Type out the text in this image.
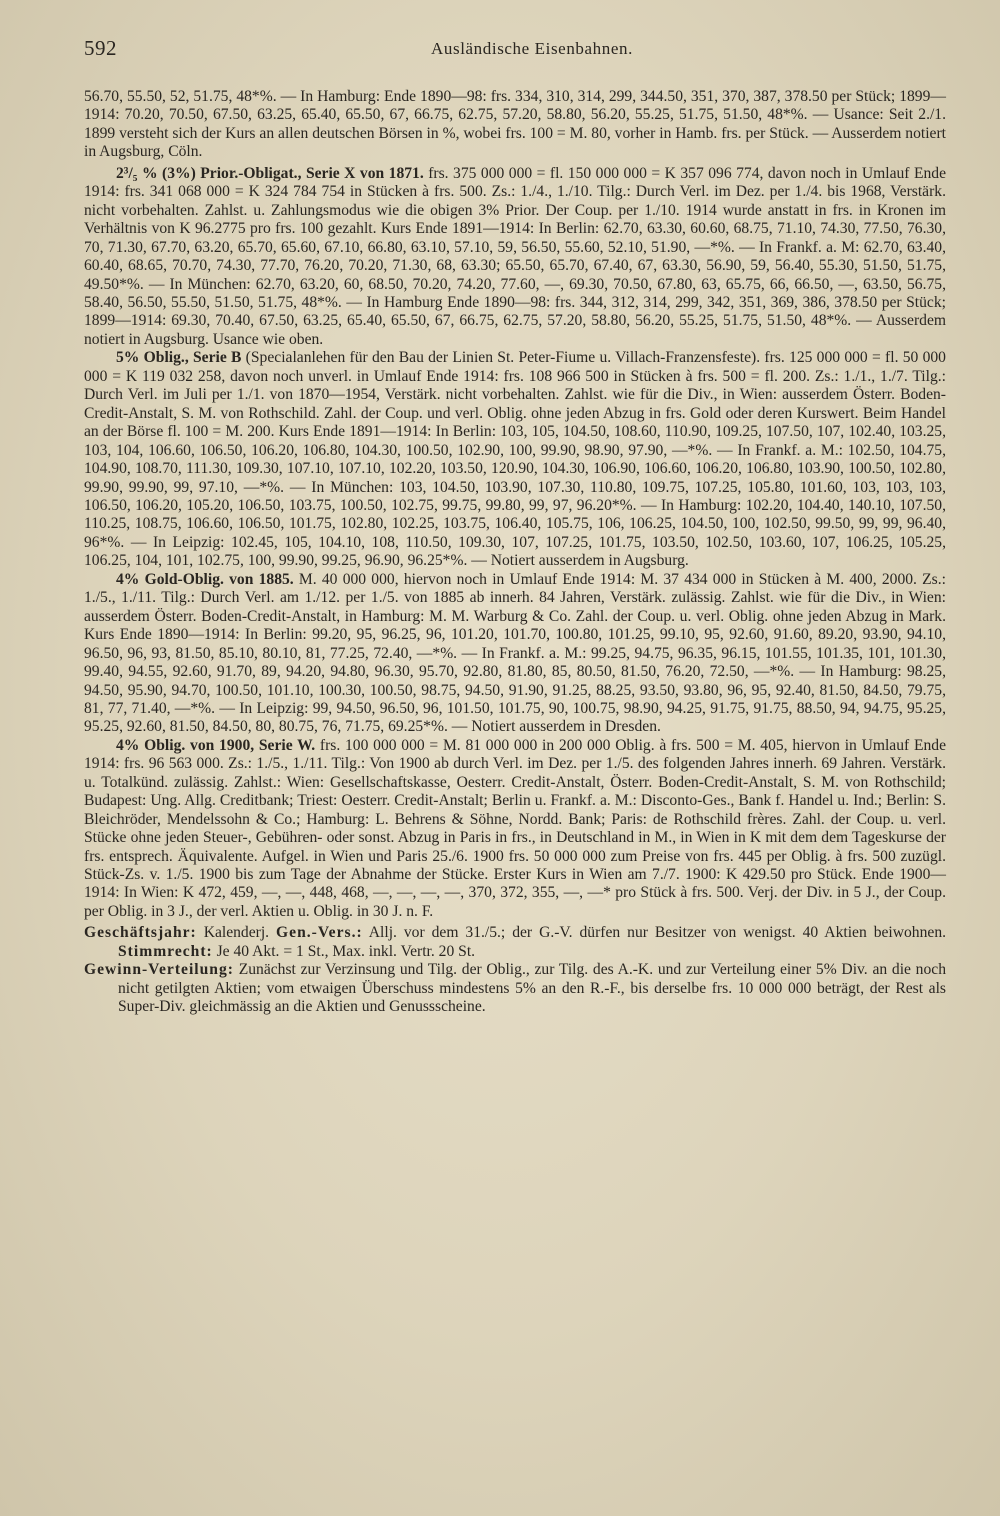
592	Ausländische Eisenbahnen.

56.70, 55.50, 52, 51.75, 48*%. — In Hamburg: Ende 1890—98: frs. 334, 310, 314, 299, 344.50, 351, 370, 387, 378.50 per Stück; 1899—1914: 70.20, 70.50, 67.50, 63.25, 65.40, 65.50, 67, 66.75, 62.75, 57.20, 58.80, 56.20, 55.25, 51.75, 51.50, 48*%. — Usance: Seit 2./1. 1899 versteht sich der Kurs an allen deutschen Börsen in %, wobei frs. 100 = M. 80, vorher in Hamb. frs. per Stück. — Ausserdem notiert in Augsburg, Cöln.

2³/₅ % (3%) Prior.-Obligat., Serie X von 1871. frs. 375 000 000 = fl. 150 000 000 = K 357 096 774, davon noch in Umlauf Ende 1914: frs. 341 068 000 = K 324 784 754 in Stücken à frs. 500. Zs.: 1./4., 1./10. Tilg.: Durch Verl. im Dez. per 1./4. bis 1968, Verstärk. nicht vorbehalten. Zahlst. u. Zahlungsmodus wie die obigen 3% Prior. Der Coup. per 1./10. 1914 wurde anstatt in frs. in Kronen im Verhältnis von K 96.2775 pro frs. 100 gezahlt. Kurs Ende 1891—1914: In Berlin: 62.70, 63.30, 60.60, 68.75, 71.10, 74.30, 77.50, 76.30, 70, 71.30, 67.70, 63.20, 65.70, 65.60, 67.10, 66.80, 63.10, 57.10, 59, 56.50, 55.60, 52.10, 51.90, —*%. — In Frankf. a. M: 62.70, 63.40, 60.40, 68.65, 70.70, 74.30, 77.70, 76.20, 70.20, 71.30, 68, 63.30; 65.50, 65.70, 67.40, 67, 63.30, 56.90, 59, 56.40, 55.30, 51.50, 51.75, 49.50*%. — In München: 62.70, 63.20, 60, 68.50, 70.20, 74.20, 77.60, —, 69.30, 70.50, 67.80, 63, 65.75, 66, 66.50, —, 63.50, 56.75, 58.40, 56.50, 55.50, 51.50, 51.75, 48*%. — In Hamburg Ende 1890—98: frs. 344, 312, 314, 299, 342, 351, 369, 386, 378.50 per Stück; 1899—1914: 69.30, 70.40, 67.50, 63.25, 65.40, 65.50, 67, 66.75, 62.75, 57.20, 58.80, 56.20, 55.25, 51.75, 51.50, 48*%. — Ausserdem notiert in Augsburg. Usance wie oben.

5% Oblig., Serie B (Specialanlehen für den Bau der Linien St. Peter-Fiume u. Villach-Franzensfeste). frs. 125 000 000 = fl. 50 000 000 = K 119 032 258, davon noch unverl. in Umlauf Ende 1914: frs. 108 966 500 in Stücken à frs. 500 = fl. 200. Zs.: 1./1., 1./7. Tilg.: Durch Verl. im Juli per 1./1. von 1870—1954, Verstärk. nicht vorbehalten. Zahlst. wie für die Div., in Wien: ausserdem Österr. Boden-Credit-Anstalt, S. M. von Rothschild. Zahl. der Coup. und verl. Oblig. ohne jeden Abzug in frs. Gold oder deren Kurswert. Beim Handel an der Börse fl. 100 = M. 200. Kurs Ende 1891—1914: In Berlin: 103, 105, 104.50, 108.60, 110.90, 109.25, 107.50, 107, 102.40, 103.25, 103, 104, 106.60, 106.50, 106.20, 106.80, 104.30, 100.50, 102.90, 100, 99.90, 98.90, 97.90, —*%. — In Frankf. a. M.: 102.50, 104.75, 104.90, 108.70, 111.30, 109.30, 107.10, 107.10, 102.20, 103.50, 120.90, 104.30, 106.90, 106.60, 106.20, 106.80, 103.90, 100.50, 102.80, 99.90, 99.90, 99, 97.10, —*%. — In München: 103, 104.50, 103.90, 107.30, 110.80, 109.75, 107.25, 105.80, 101.60, 103, 103, 103, 106.50, 106.20, 105.20, 106.50, 103.75, 100.50, 102.75, 99.75, 99.80, 99, 97, 96.20*%. — In Hamburg: 102.20, 104.40, 140.10, 107.50, 110.25, 108.75, 106.60, 106.50, 101.75, 102.80, 102.25, 103.75, 106.40, 105.75, 106, 106.25, 104.50, 100, 102.50, 99.50, 99, 99, 96.40, 96*%. — In Leipzig: 102.45, 105, 104.10, 108, 110.50, 109.30, 107, 107.25, 101.75, 103.50, 102.50, 103.60, 107, 106.25, 105.25, 106.25, 104, 101, 102.75, 100, 99.90, 99.25, 96.90, 96.25*%. — Notiert ausserdem in Augsburg.

4% Gold-Oblig. von 1885. M. 40 000 000, hiervon noch in Umlauf Ende 1914: M. 37 434 000 in Stücken à M. 400, 2000. Zs.: 1./5., 1./11. Tilg.: Durch Verl. am 1./12. per 1./5. von 1885 ab innerh. 84 Jahren, Verstärk. zulässig. Zahlst. wie für die Div., in Wien: ausserdem Österr. Boden-Credit-Anstalt, in Hamburg: M. M. Warburg & Co. Zahl. der Coup. u. verl. Oblig. ohne jeden Abzug in Mark. Kurs Ende 1890—1914: In Berlin: 99.20, 95, 96.25, 96, 101.20, 101.70, 100.80, 101.25, 99.10, 95, 92.60, 91.60, 89.20, 93.90, 94.10, 96.50, 96, 93, 81.50, 85.10, 80.10, 81, 77.25, 72.40, —*%. — In Frankf. a. M.: 99.25, 94.75, 96.35, 96.15, 101.55, 101.35, 101, 101.30, 99.40, 94.55, 92.60, 91.70, 89, 94.20, 94.80, 96.30, 95.70, 92.80, 81.80, 85, 80.50, 81.50, 76.20, 72.50, —*%. — In Hamburg: 98.25, 94.50, 95.90, 94.70, 100.50, 101.10, 100.30, 100.50, 98.75, 94.50, 91.90, 91.25, 88.25, 93.50, 93.80, 96, 95, 92.40, 81.50, 84.50, 79.75, 81, 77, 71.40, —*%. — In Leipzig: 99, 94.50, 96.50, 96, 101.50, 101.75, 90, 100.75, 98.90, 94.25, 91.75, 91.75, 88.50, 94, 94.75, 95.25, 95.25, 92.60, 81.50, 84.50, 80, 80.75, 76, 71.75, 69.25*%. — Notiert ausserdem in Dresden.

4% Oblig. von 1900, Serie W. frs. 100 000 000 = M. 81 000 000 in 200 000 Oblig. à frs. 500 = M. 405, hiervon in Umlauf Ende 1914: frs. 96 563 000. Zs.: 1./5., 1./11. Tilg.: Von 1900 ab durch Verl. im Dez. per 1./5. des folgenden Jahres innerh. 69 Jahren. Verstärk. u. Totalkünd. zulässig. Zahlst.: Wien: Gesellschaftskasse, Oesterr. Credit-Anstalt, Österr. Boden-Credit-Anstalt, S. M. von Rothschild; Budapest: Ung. Allg. Creditbank; Triest: Oesterr. Credit-Anstalt; Berlin u. Frankf. a. M.: Disconto-Ges., Bank f. Handel u. Ind.; Berlin: S. Bleichröder, Mendelssohn & Co.; Hamburg: L. Behrens & Söhne, Nordd. Bank; Paris: de Rothschild frères. Zahl. der Coup. u. verl. Stücke ohne jeden Steuer-, Gebühren- oder sonst. Abzug in Paris in frs., in Deutschland in M., in Wien in K mit dem dem Tageskurse der frs. entsprech. Äquivalente. Aufgel. in Wien und Paris 25./6. 1900 frs. 50 000 000 zum Preise von frs. 445 per Oblig. à frs. 500 zuzügl. Stück-Zs. v. 1./5. 1900 bis zum Tage der Abnahme der Stücke. Erster Kurs in Wien am 7./7. 1900: K 429.50 pro Stück. Ende 1900—1914: In Wien: K 472, 459, —, —, 448, 468, —, —, —, —, 370, 372, 355, —, —* pro Stück à frs. 500. Verj. der Div. in 5 J., der Coup. per Oblig. in 3 J., der verl. Aktien u. Oblig. in 30 J. n. F.

Geschäftsjahr: Kalenderj. Gen.-Vers.: Allj. vor dem 31./5.; der G.-V. dürfen nur Besitzer von wenigst. 40 Aktien beiwohnen. Stimmrecht: Je 40 Akt. = 1 St., Max. inkl. Vertr. 20 St.

Gewinn-Verteilung: Zunächst zur Verzinsung und Tilg. der Oblig., zur Tilg. des A.-K. und zur Verteilung einer 5% Div. an die noch nicht getilgten Aktien; vom etwaigen Überschuss mindestens 5% an den R.-F., bis derselbe frs. 10 000 000 beträgt, der Rest als Super-Div. gleichmässig an die Aktien und Genussscheine.
